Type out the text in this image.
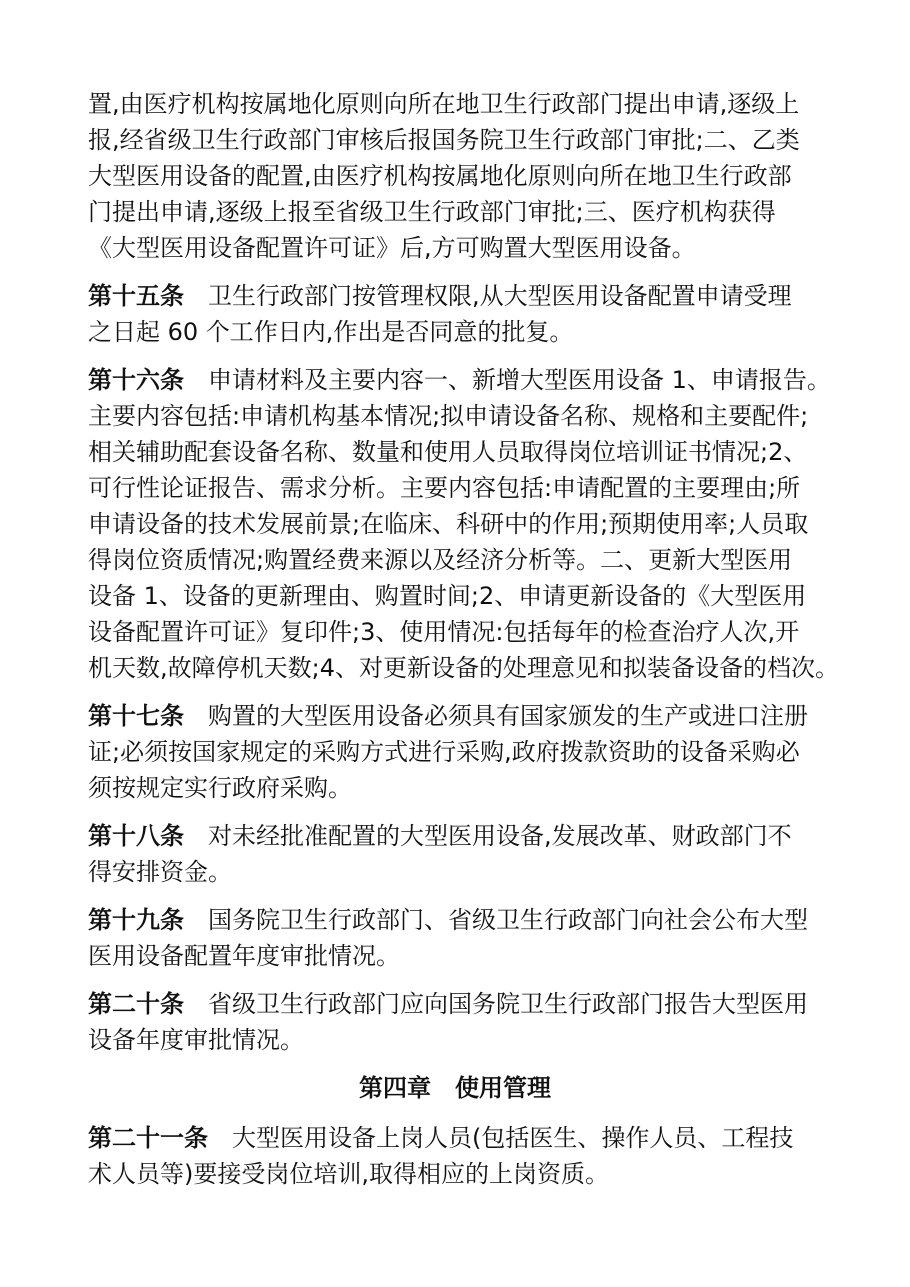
置,由医疗机构按属地化原则向所在地卫生行政部门提出申请,逐级上
报,经省级卫生行政部门审核后报国务院卫生行政部门审批;二、乙类
大型医用设备的配置,由医疗机构按属地化原则向所在地卫生行政部
门提出申请,逐级上报至省级卫生行政部门审批;三、医疗机构获得
《大型医用设备配置许可证》后,方可购置大型医用设备。
第十五条 卫生行政部门按管理权限,从大型医用设备配置申请受理
之日起 60 个工作日内,作出是否同意的批复。
第十六条 申请材料及主要内容一、新增大型医用设备 1、申请报告。
主要内容包括:申请机构基本情况;拟申请设备名称、规格和主要配件;
相关辅助配套设备名称、数量和使用人员取得岗位培训证书情况;2、
可行性论证报告、需求分析。主要内容包括:申请配置的主要理由;所
申请设备的技术发展前景;在临床、科研中的作用;预期使用率;人员取
得岗位资质情况;购置经费来源以及经济分析等。二、更新大型医用
设备 1、设备的更新理由、购置时间;2、申请更新设备的《大型医用
设备配置许可证》复印件;3、使用情况:包括每年的检查治疗人次,开
机天数,故障停机天数;4、对更新设备的处理意见和拟装备设备的档次。
第十七条 购置的大型医用设备必须具有国家颁发的生产或进口注册
证;必须按国家规定的采购方式进行采购,政府拨款资助的设备采购必
须按规定实行政府采购。
第十八条 对未经批准配置的大型医用设备,发展改革、财政部门不
得安排资金。
第十九条 国务院卫生行政部门、省级卫生行政部门向社会公布大型
医用设备配置年度审批情况。
第二十条 省级卫生行政部门应向国务院卫生行政部门报告大型医用
设备年度审批情况。
第四章　使用管理
第二十一条 大型医用设备上岗人员(包括医生、操作人员、工程技
术人员等)要接受岗位培训,取得相应的上岗资质。
